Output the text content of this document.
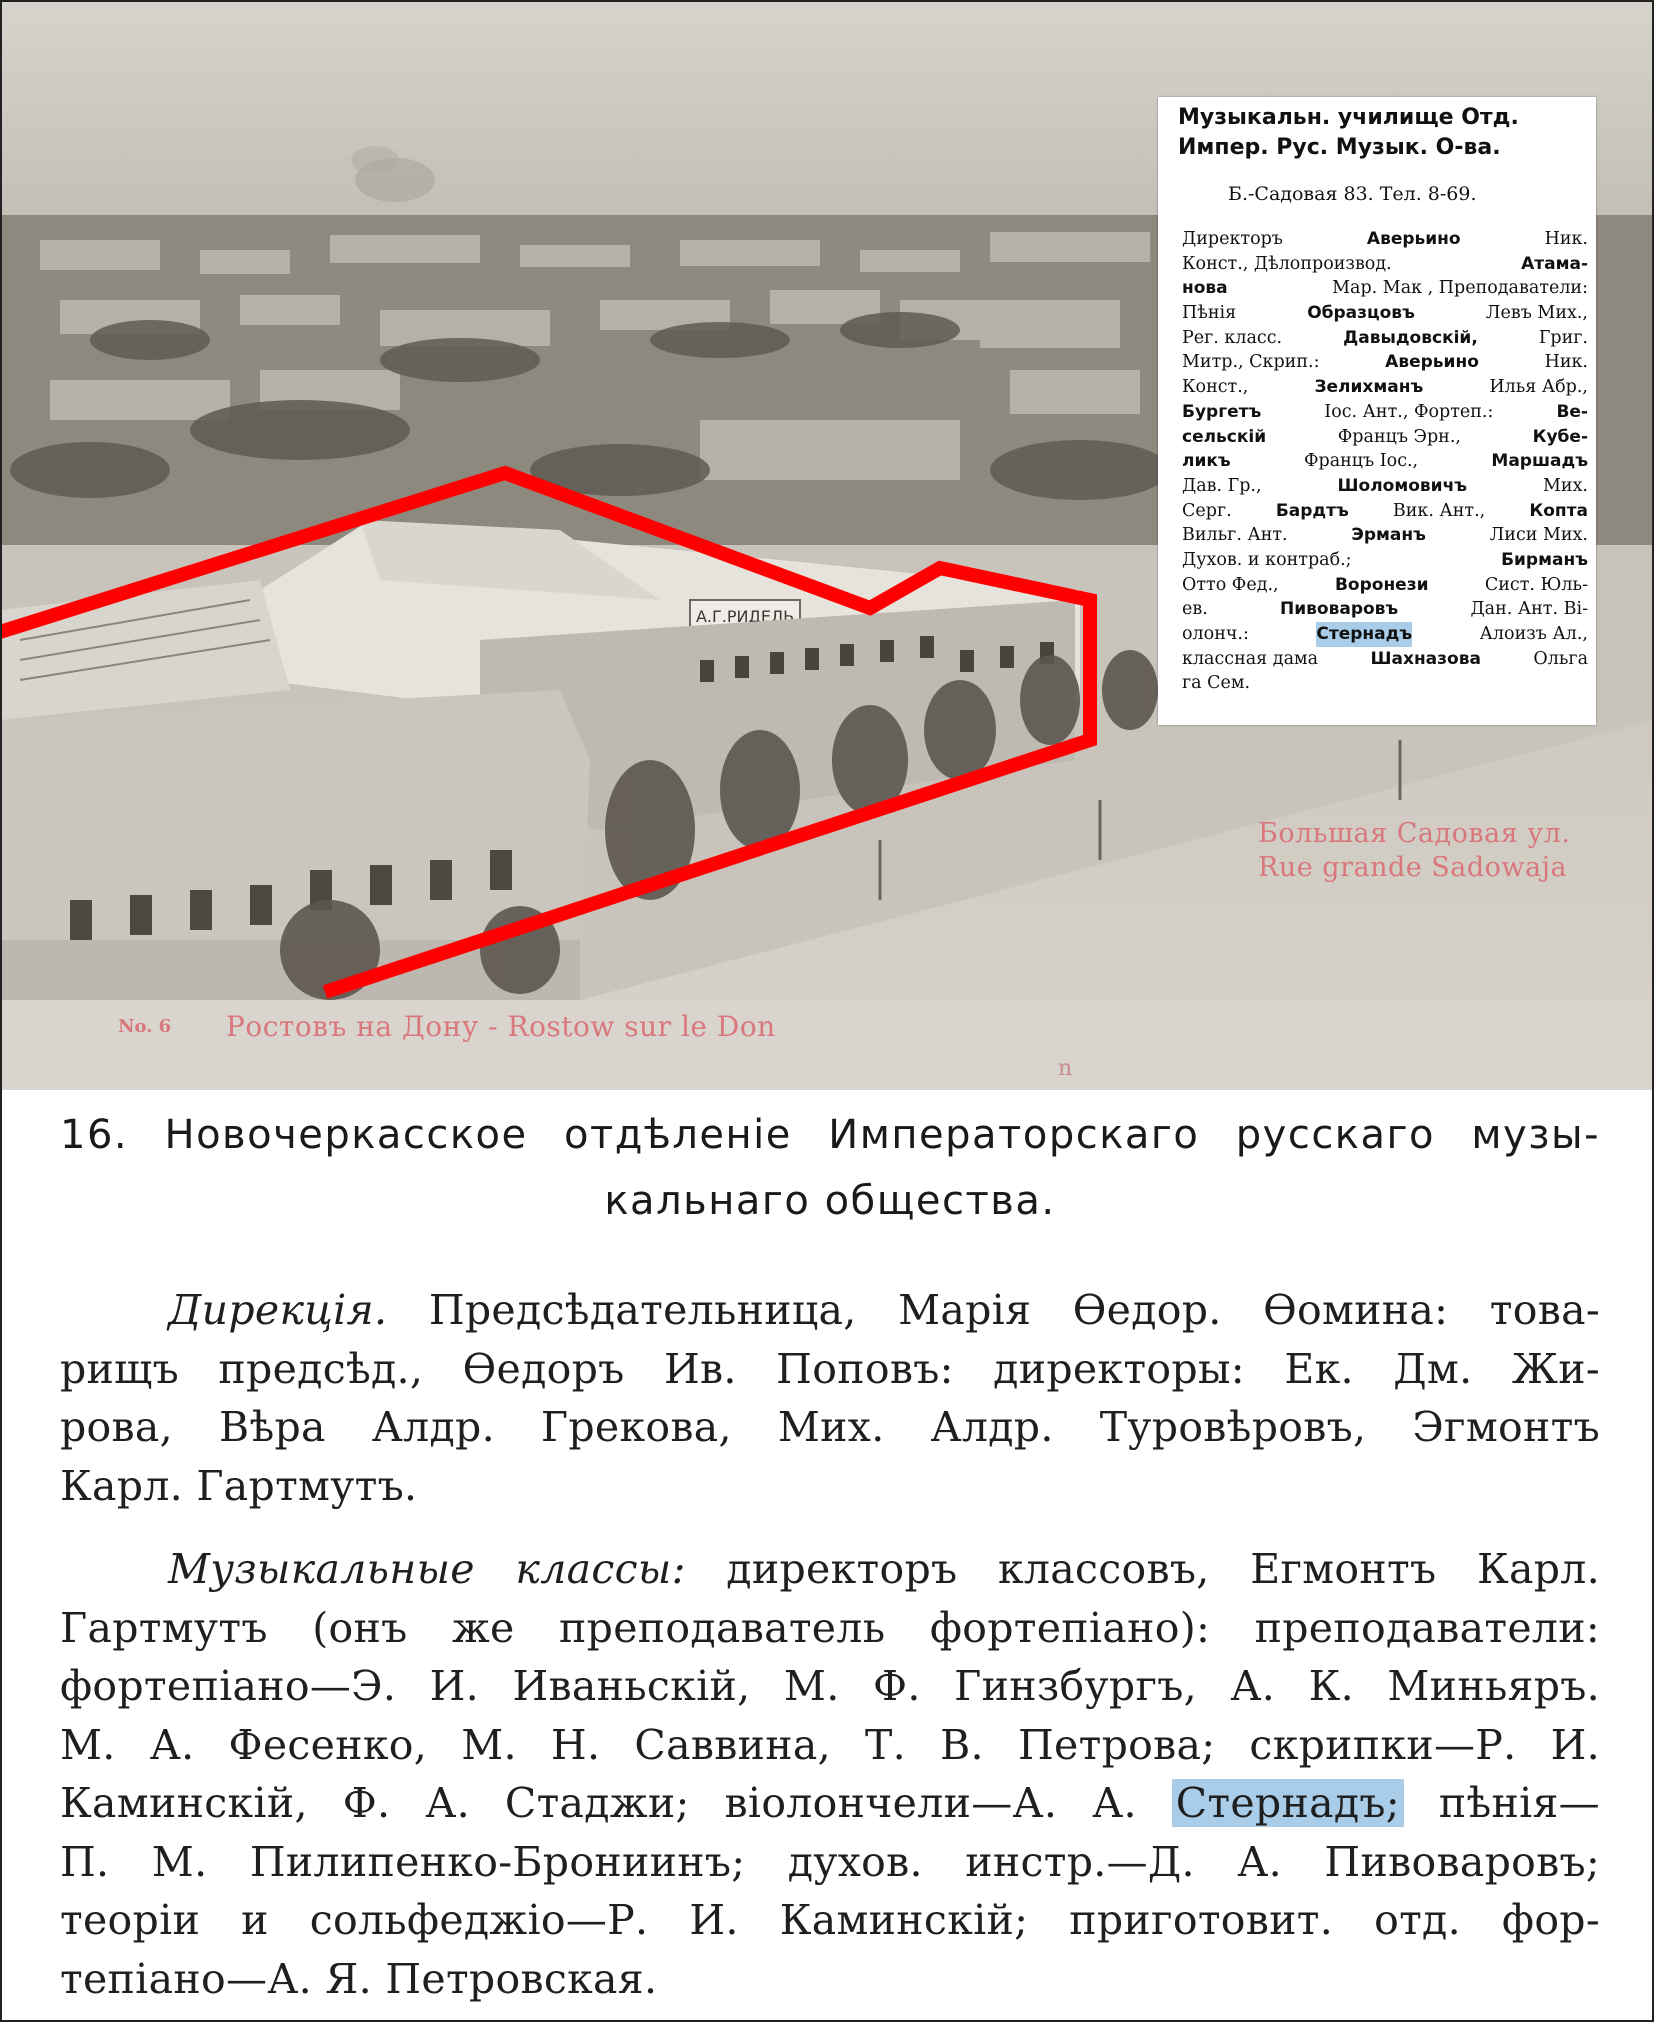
А.Г.РИДЕЛЬ
Большая Садовая ул.
Rue grande Sadowaja
No. 6 Ростовъ на Дону - Rostow sur le Don
n
Музыкальн. училище Отд.
Импер. Рус. Музык. О-ва.
Б.-Садовая 83. Тел. 8-69.
Директоръ	Аверьино	Ник.
Конст., Дѣлопроизвод.	Атама-
нова	Мар. Мак , Преподаватели:
Пѣнія	Образцовъ	Левъ Мих.,
Рег. класс.	Давыдовскій,	Григ.
Митр., Скрип.:	Аверьино	Ник.
Конст.,	Зелихманъ	Илья Абр.,
Бургетъ	Іос. Ант., Фортеп.:	Ве-
сельскій	Францъ Эрн.,	Кубе-
ликъ	Францъ Іос.,	Маршадъ
Дав. Гр.,	Шоломовичъ	Мих.
Серг.	Бардтъ	Вик. Ант.,	Копта
Вильг. Ант.	Эрманъ	Лиси Мих.
Духов. и контраб.;	Бирманъ
Отто Фед.,	Воронези	Сист. Юль-
ев.	Пивоваровъ	Дан. Ант. Ві-
олонч.:	Стернадъ	Алоизъ Ал.,
классная дама	Шахназова	Ольга
га Сем.
16. Новочеркасское отдѣленіе Императорскаго русскаго музы-
кальнаго общества.
Дирекція. Предсѣдательница, Марія Ѳедор. Ѳомина: това-
рищъ предсѣд., Ѳедоръ Ив. Поповъ: директоры: Ек. Дм. Жи-
рова, Вѣра Алдр. Грекова, Мих. Алдр. Туровѣровъ, Эгмонтъ
Карл. Гартмутъ.
Музыкальные классы: директоръ классовъ, Егмонтъ Карл.
Гартмутъ (онъ же преподаватель фортепіано): преподаватели:
фортепіано—Э. И. Иваньскій, М. Ф. Гинзбургъ, А. К. Миньяръ.
М. А. Фесенко, М. Н. Саввина, Т. В. Петрова; скрипки—Р. И.
Каминскій, Ф. А. Стаджи; віолончели—А. А. Стернадъ; пѣнія—
П. М. Пилипенко-Брониинъ; духов. инстр.—Д. А. Пивоваровъ;
теоріи и сольфеджіо—Р. И. Каминскій; приготовит. отд. фор-
тепіано—А. Я. Петровская.
